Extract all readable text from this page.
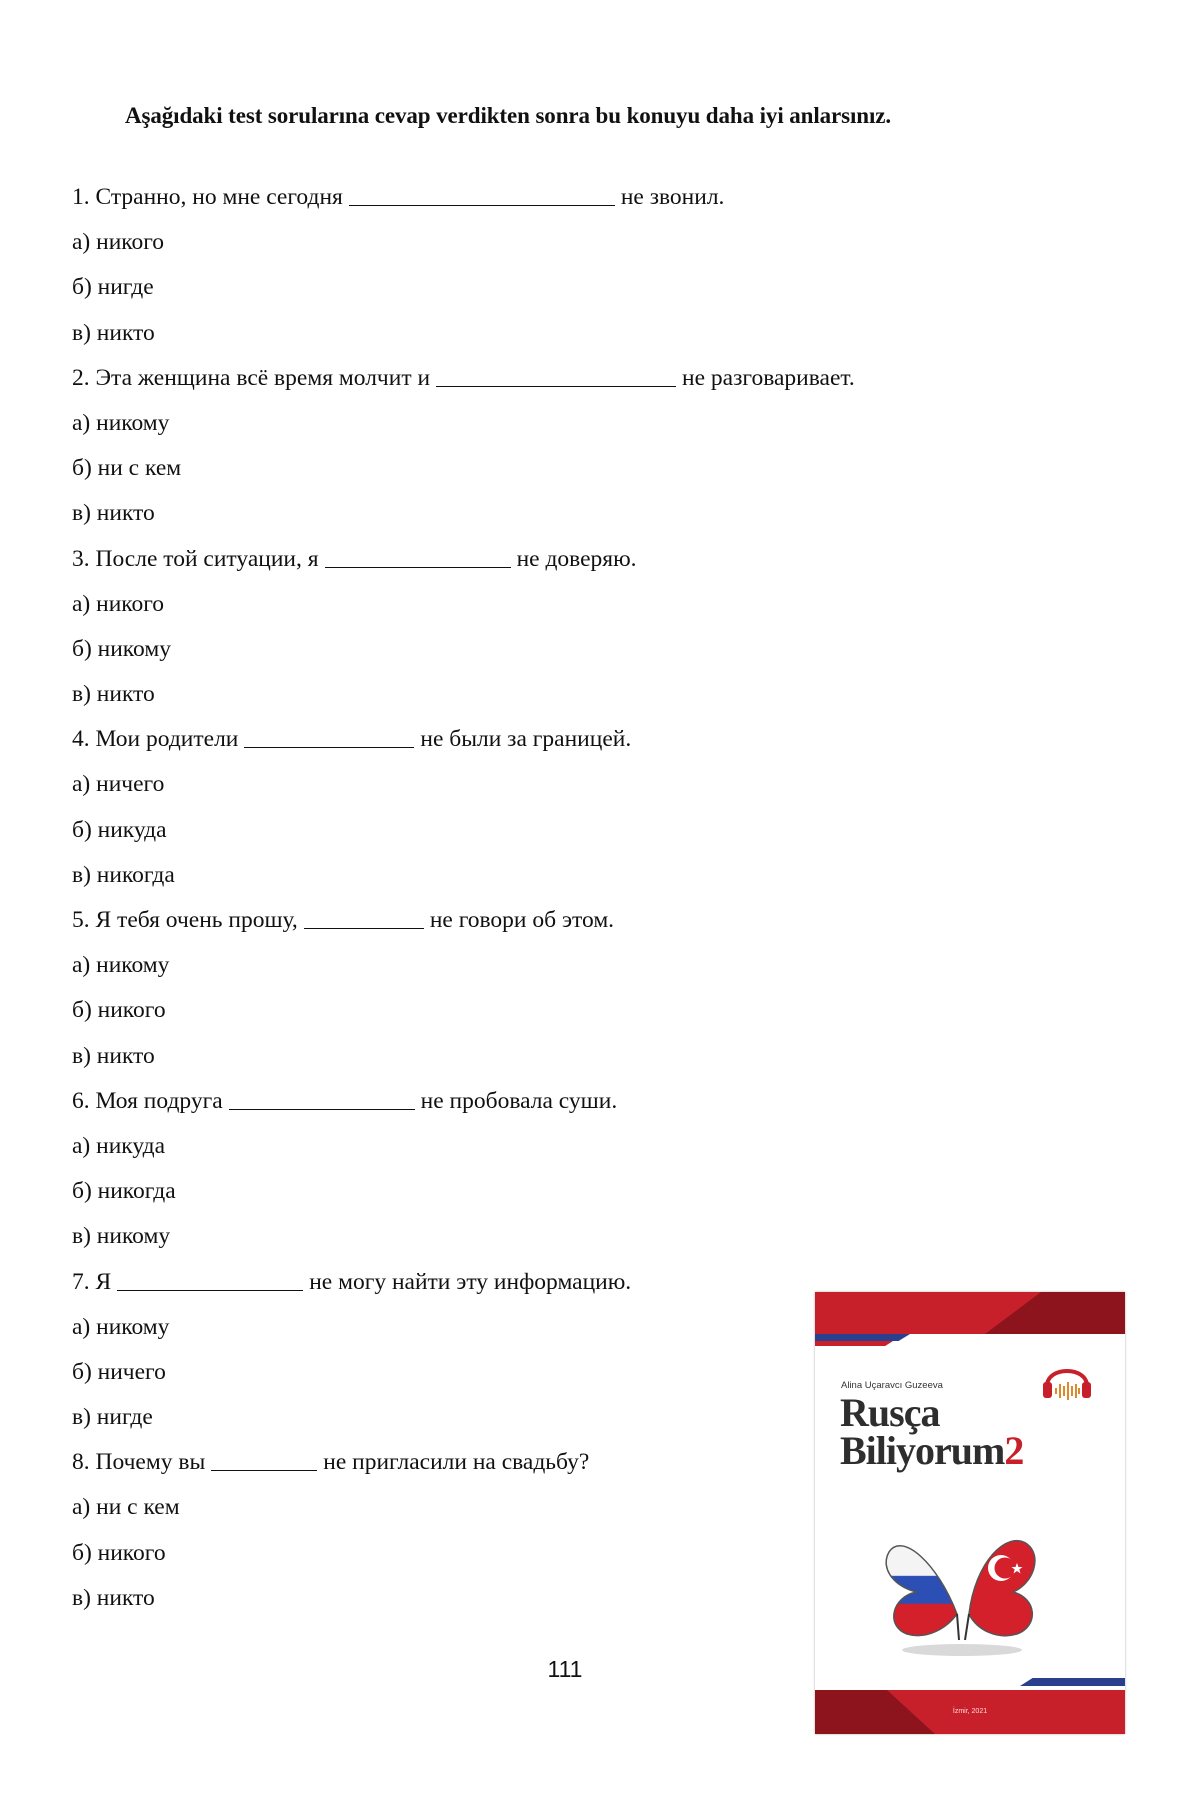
Aşağıdaki test sorularına cevap verdikten sonra bu konuyu daha iyi anlarsınız.
1. Странно, но мне сегодня	не звонил.
а) никого
б) нигде
в) никто
2. Эта женщина всё время молчит и	не разговаривает.
а) никому
б) ни с кем
в) никто
3. После той ситуации, я	не доверяю.
а) никого
б) никому
в) никто
4. Мои родители	не были за границей.
а) ничего
б) никуда
в) никогда
5. Я тебя очень прошу,	не говори об этом.
а) никому
б) никого
в) никто
6. Моя подруга	не пробовала суши.
а) никуда
б) никогда
в) никому
7. Я	не могу найти эту информацию.
а) никому
б) ничего
в) нигде
8. Почему вы	не пригласили на свадьбу?
а) ни с кем
б) никого
в) никто
111
Alina Uçaravcı Guzeeva
Rusça
Biliyorum2
İzmir, 2021
